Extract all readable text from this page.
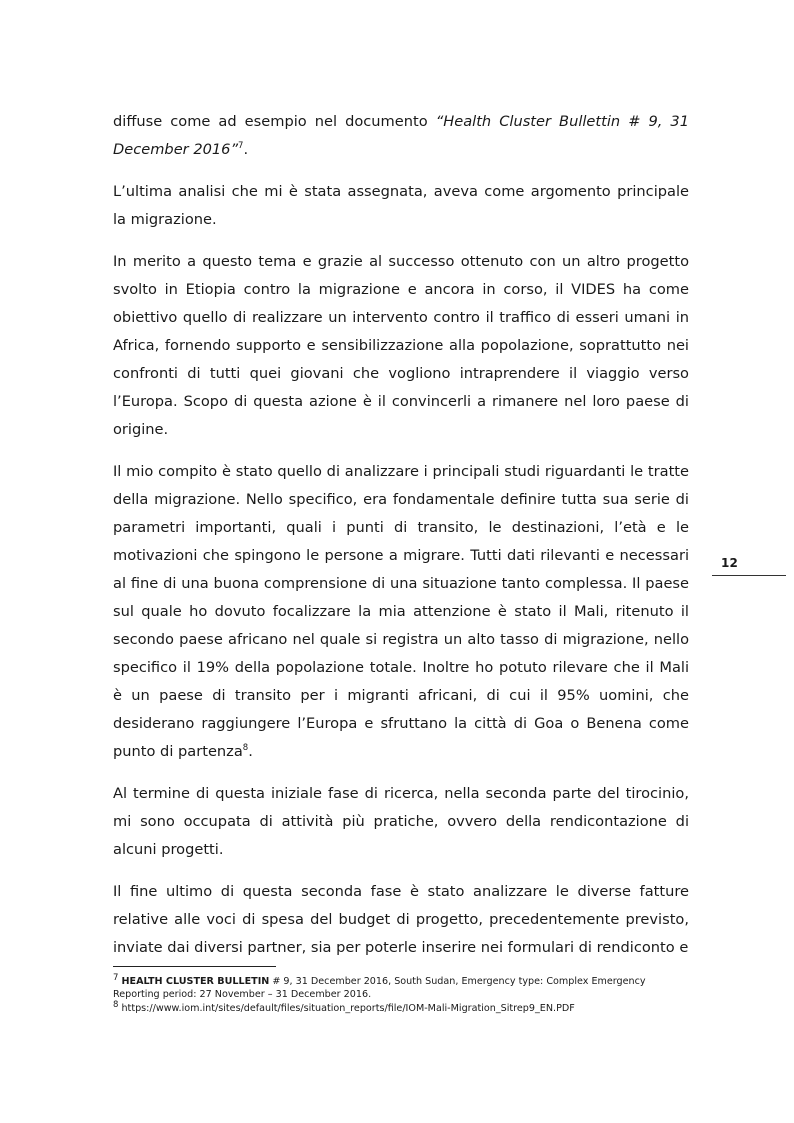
diffuse come ad esempio nel documento “Health Cluster Bullettin # 9, 31 December 2016”$^7$.

L’ultima analisi che mi è stata assegnata, aveva come argomento principale la migrazione.

In merito a questo tema e grazie al successo ottenuto con un altro progetto svolto in Etiopia contro la migrazione e ancora in corso, il VIDES ha come obiettivo quello di realizzare un intervento contro il traffico di esseri umani in Africa, fornendo supporto e sensibilizzazione alla popolazione, soprattutto nei confronti di tutti quei giovani che vogliono intraprendere il viaggio verso l’Europa. Scopo di questa azione è il convincerli a rimanere nel loro paese di origine.

Il mio compito è stato quello di analizzare i principali studi riguardanti le tratte della migrazione. Nello specifico, era fondamentale definire tutta sua serie di parametri importanti, quali i punti di transito, le destinazioni, l’età e le motivazioni che spingono le persone a migrare. Tutti dati rilevanti e necessari al fine di una buona comprensione di una situazione tanto complessa. Il paese sul quale ho dovuto focalizzare la mia attenzione è stato il Mali, ritenuto il secondo paese africano nel quale si registra un alto tasso di migrazione, nello specifico il 19% della popolazione totale. Inoltre ho potuto rilevare che il Mali è un paese di transito per i migranti africani, di cui il 95% uomini, che desiderano raggiungere l’Europa e sfruttano la città di Goa o Benena come punto di partenza$^8$.

Al termine di questa iniziale fase di ricerca, nella seconda parte del tirocinio, mi sono occupata di attività più pratiche, ovvero della rendicontazione di alcuni progetti.

Il fine ultimo di questa seconda fase è stato analizzare le diverse fatture relative alle voci di spesa del budget di progetto, precedentemente previsto, inviate dai diversi partner, sia per poterle inserire nei formulari di rendiconto e

12

$^7$ HEALTH CLUSTER BULLETIN # 9, 31 December 2016, South Sudan, Emergency type: Complex Emergency

Reporting period: 27 November – 31 December 2016.

$^8$ https://www.iom.int/sites/default/files/situation_reports/file/IOM-Mali-Migration_Sitrep9_EN.PDF
